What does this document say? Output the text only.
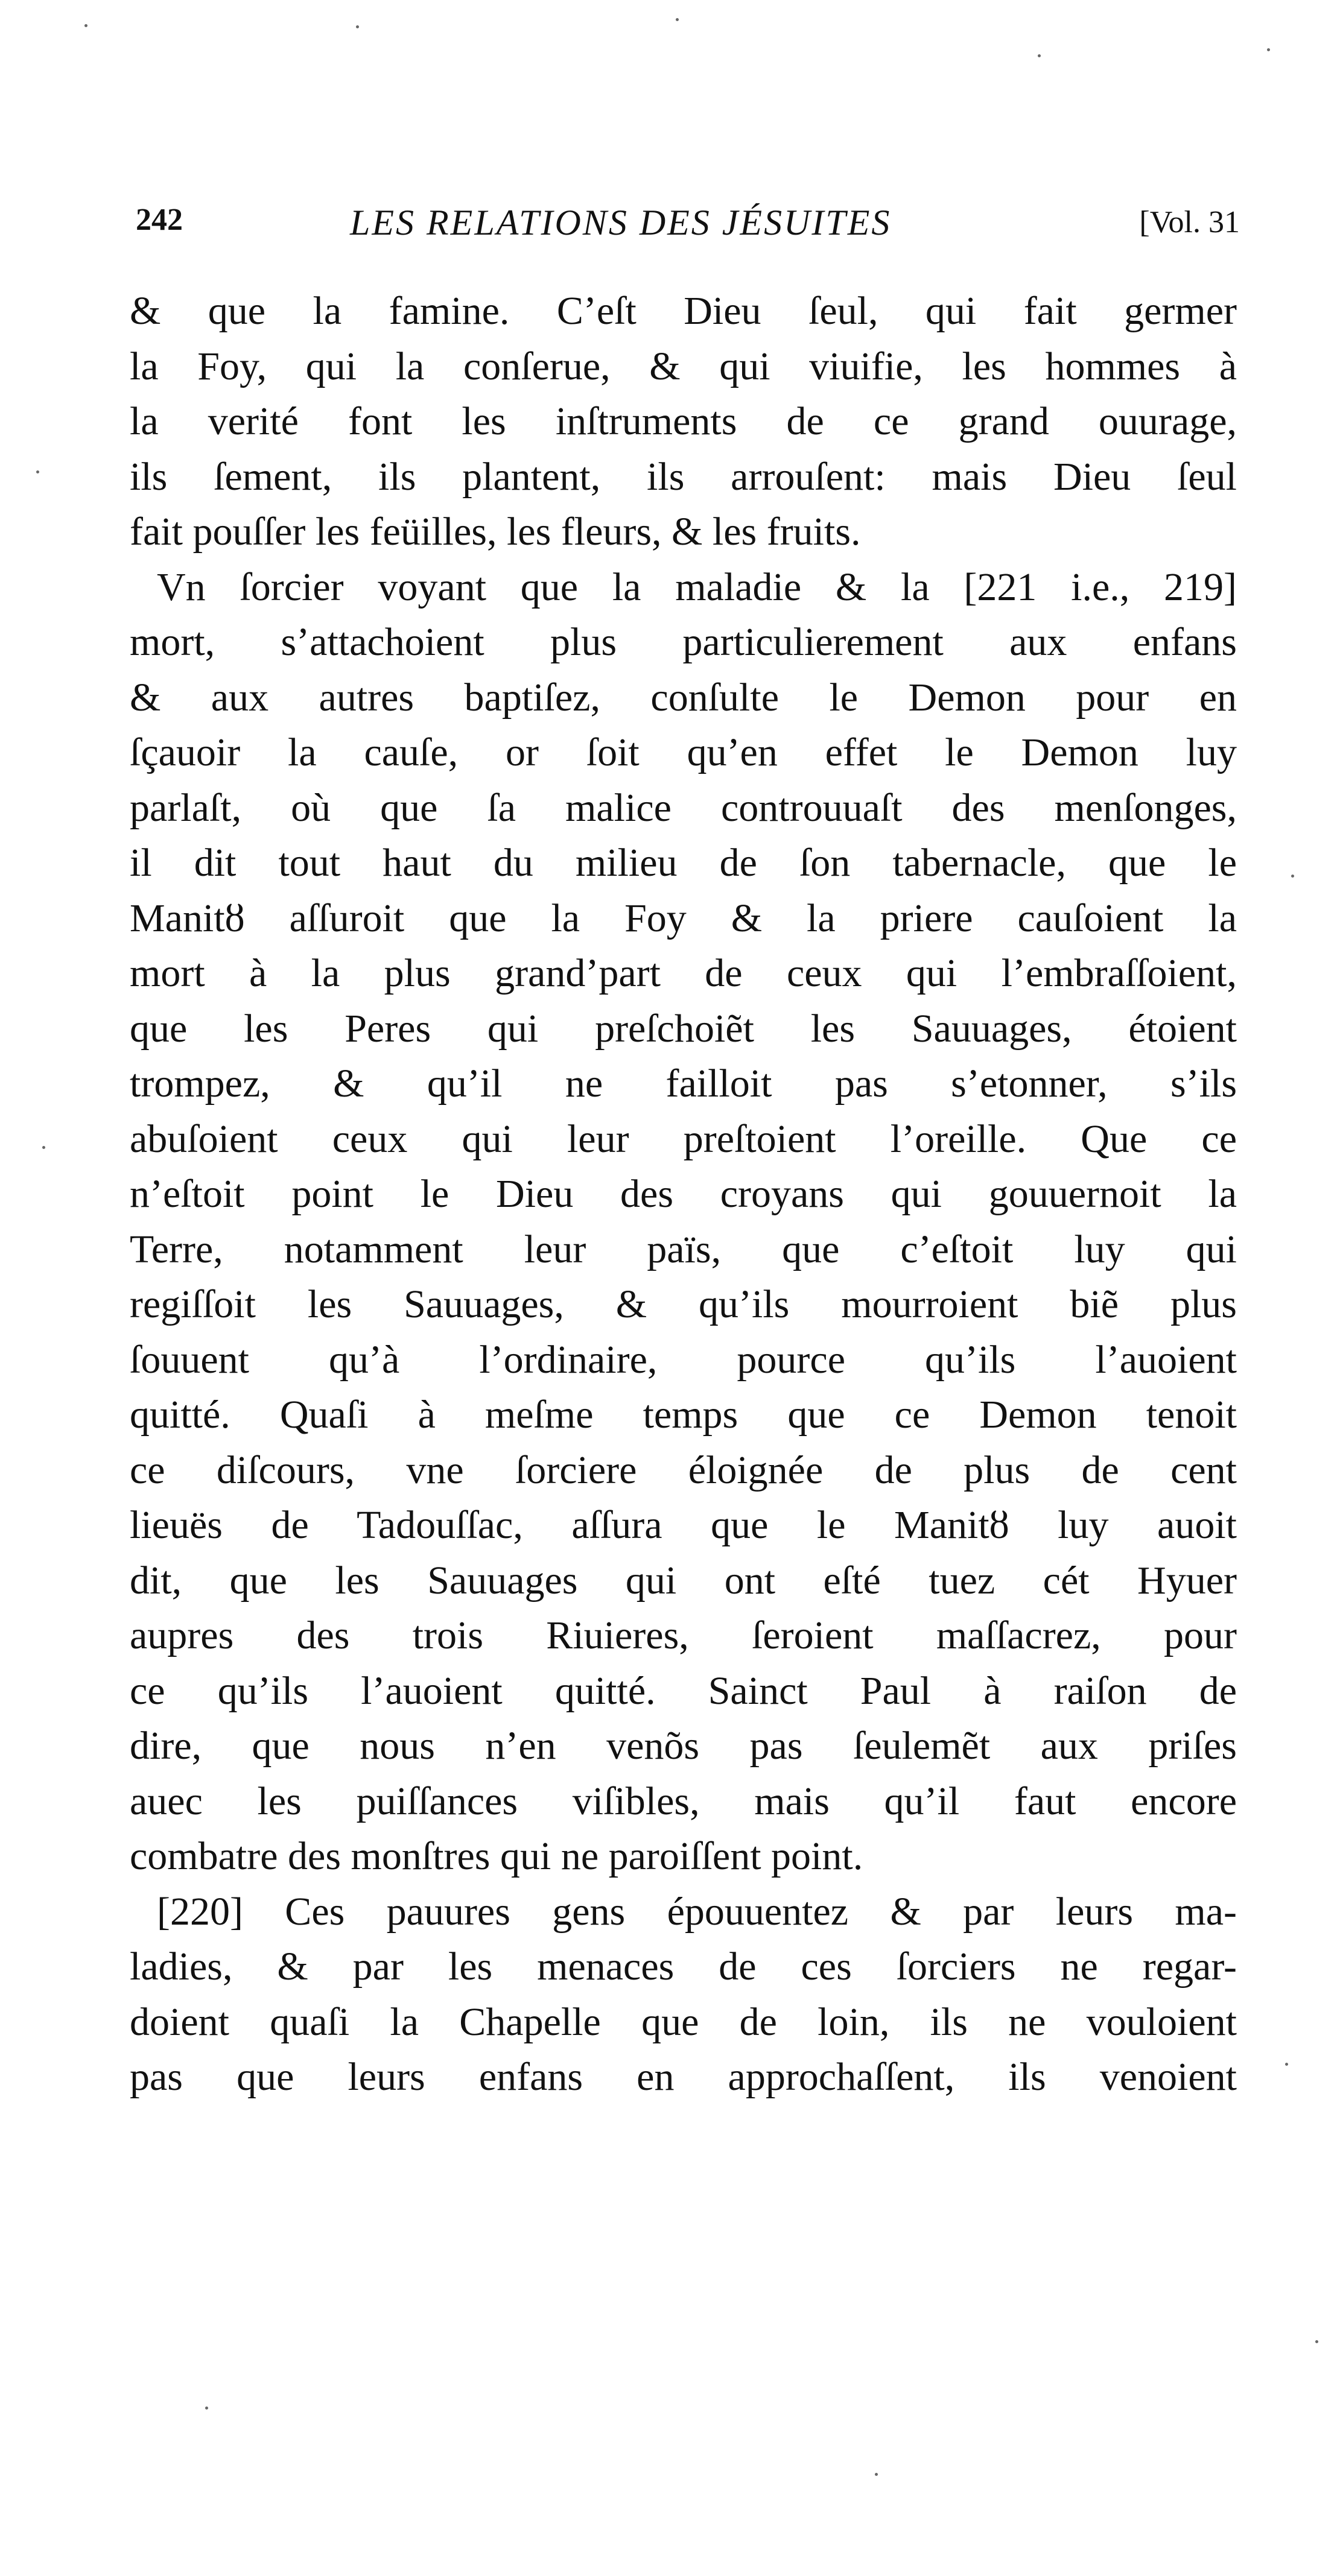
242	LES RELATIONS DES JÉSUITES	[Vol. 31
& que la famine. C’eſt Dieu ſeul, qui fait germer
la Foy, qui la conſerue, & qui viuifie, les hommes à
la verité font les inſtruments de ce grand ouurage,
ils ſement, ils plantent, ils arrouſent: mais Dieu ſeul
fait pouſſer les feüilles, les fleurs, & les fruits.
Vn ſorcier voyant que la maladie & la [221 i.e., 219]
mort, s’attachoient plus particulierement aux enfans
& aux autres baptiſez, conſulte le Demon pour en
ſçauoir la cauſe, or ſoit qu’en effet le Demon luy
parlaſt, où que ſa malice controuuaſt des menſonges,
il dit tout haut du milieu de ſon tabernacle, que le
Manitȣ aſſuroit que la Foy & la priere cauſoient la
mort à la plus grand’part de ceux qui l’embraſſoient,
que les Peres qui preſchoiẽt les Sauuages, étoient
trompez, & qu’il ne failloit pas s’etonner, s’ils
abuſoient ceux qui leur preſtoient l’oreille. Que ce
n’eſtoit point le Dieu des croyans qui gouuernoit la
Terre, notamment leur païs, que c’eſtoit luy qui
regiſſoit les Sauuages, & qu’ils mourroient biẽ plus
ſouuent qu’à l’ordinaire, pource qu’ils l’auoient
quitté. Quaſi à meſme temps que ce Demon tenoit
ce diſcours, vne ſorciere éloignée de plus de cent
lieuës de Tadouſſac, aſſura que le Manitȣ luy auoit
dit, que les Sauuages qui ont eſté tuez cét Hyuer
aupres des trois Riuieres, ſeroient maſſacrez, pour
ce qu’ils l’auoient quitté. Sainct Paul à raiſon de
dire, que nous n’en venõs pas ſeulemẽt aux priſes
auec les puiſſances viſibles, mais qu’il faut encore
combatre des monſtres qui ne paroiſſent point.
[220] Ces pauures gens épouuentez & par leurs ma-
ladies, & par les menaces de ces ſorciers ne regar-
doient quaſi la Chapelle que de loin, ils ne vouloient
pas que leurs enfans en approchaſſent, ils venoient
